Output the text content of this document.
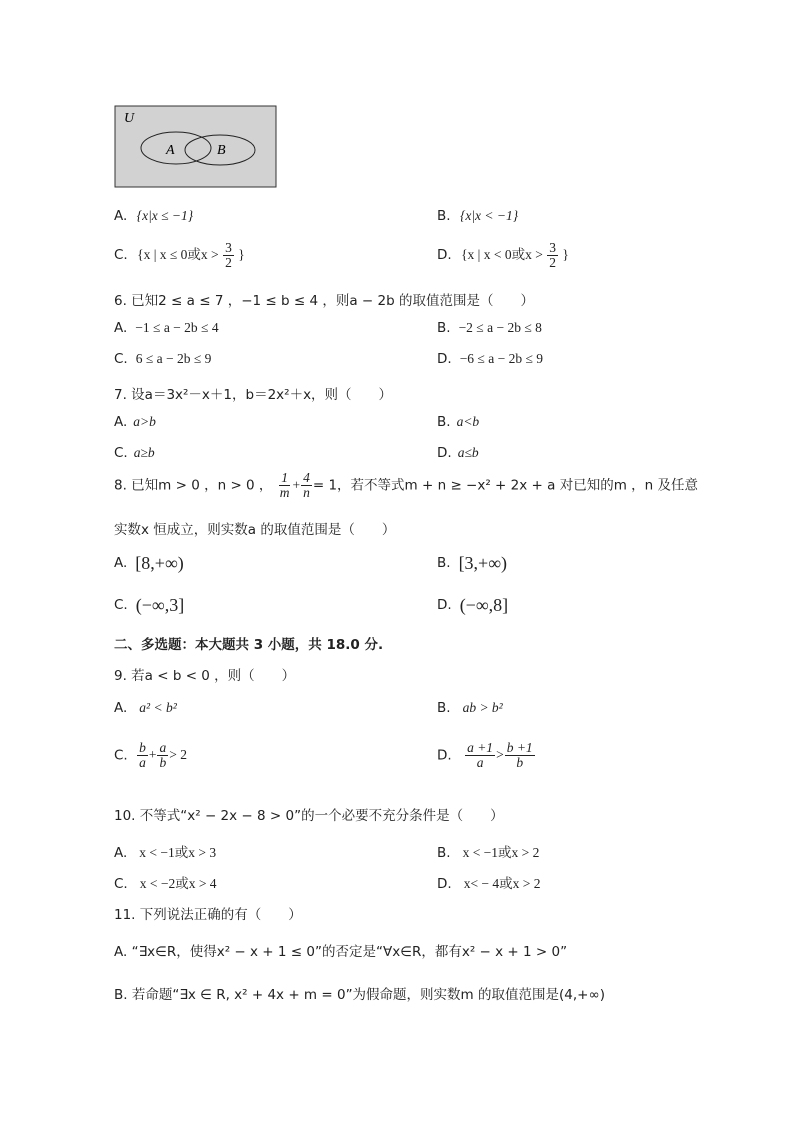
U
A	B
A. {x|x ≤ −1}	B. {x|x < −1}
C. {x | x ≤ 0或$x > \frac{3}{2}$ }	D. {x | x < 0或$x > \frac{3}{2}$ }
6. 已知2 ≤ a ≤ 7 ，−1 ≤ b ≤ 4 ，则a − 2b 的取值范围是（　　）
A. −1 ≤ a − 2b ≤ 4	B. −2 ≤ a − 2b ≤ 8
C. 6 ≤ a − 2b ≤ 9	D. −6 ≤ a − 2b ≤ 9
7. 设a＝3x²－x＋1，b＝2x²＋x，则（　　）
A. a>b	B. a<b
C. a≥b	D. a≤b
8. 已知m > 0 ，n > 0 ， $\frac{1}{m} + \frac{4}{n} = 1$，若不等式m + n ≥ −x² + 2x + a 对已知的m ，n 及任意
实数x 恒成立，则实数a 的取值范围是（　　）
A. [8,+∞)	B. [3,+∞)
C. (−∞,3]	D. (−∞,8]
二、多选题：本大题共 3 小题，共 18.0 分.
9. 若a < b < 0 ，则（　　）
A. a² < b²	B. ab > b²
C. $\frac{b}{a} + \frac{a}{b} > 2$	D. $\frac{a +1}{a} > \frac{b +1}{b}$
10. 不等式“x² − 2x − 8 > 0”的一个必要不充分条件是（　　）
A. x < −1或x > 3	B. x < −1或x > 2
C. x < −2或x > 4	D. x< − 4或x > 2
11. 下列说法正确的有（　　）
A. “∃x∈R，使得x² − x + 1 ≤ 0”的否定是“∀x∈R，都有x² − x + 1 > 0”
B. 若命题“∃x ∈ R, x² + 4x + m = 0”为假命题，则实数m 的取值范围是(4,+∞)
